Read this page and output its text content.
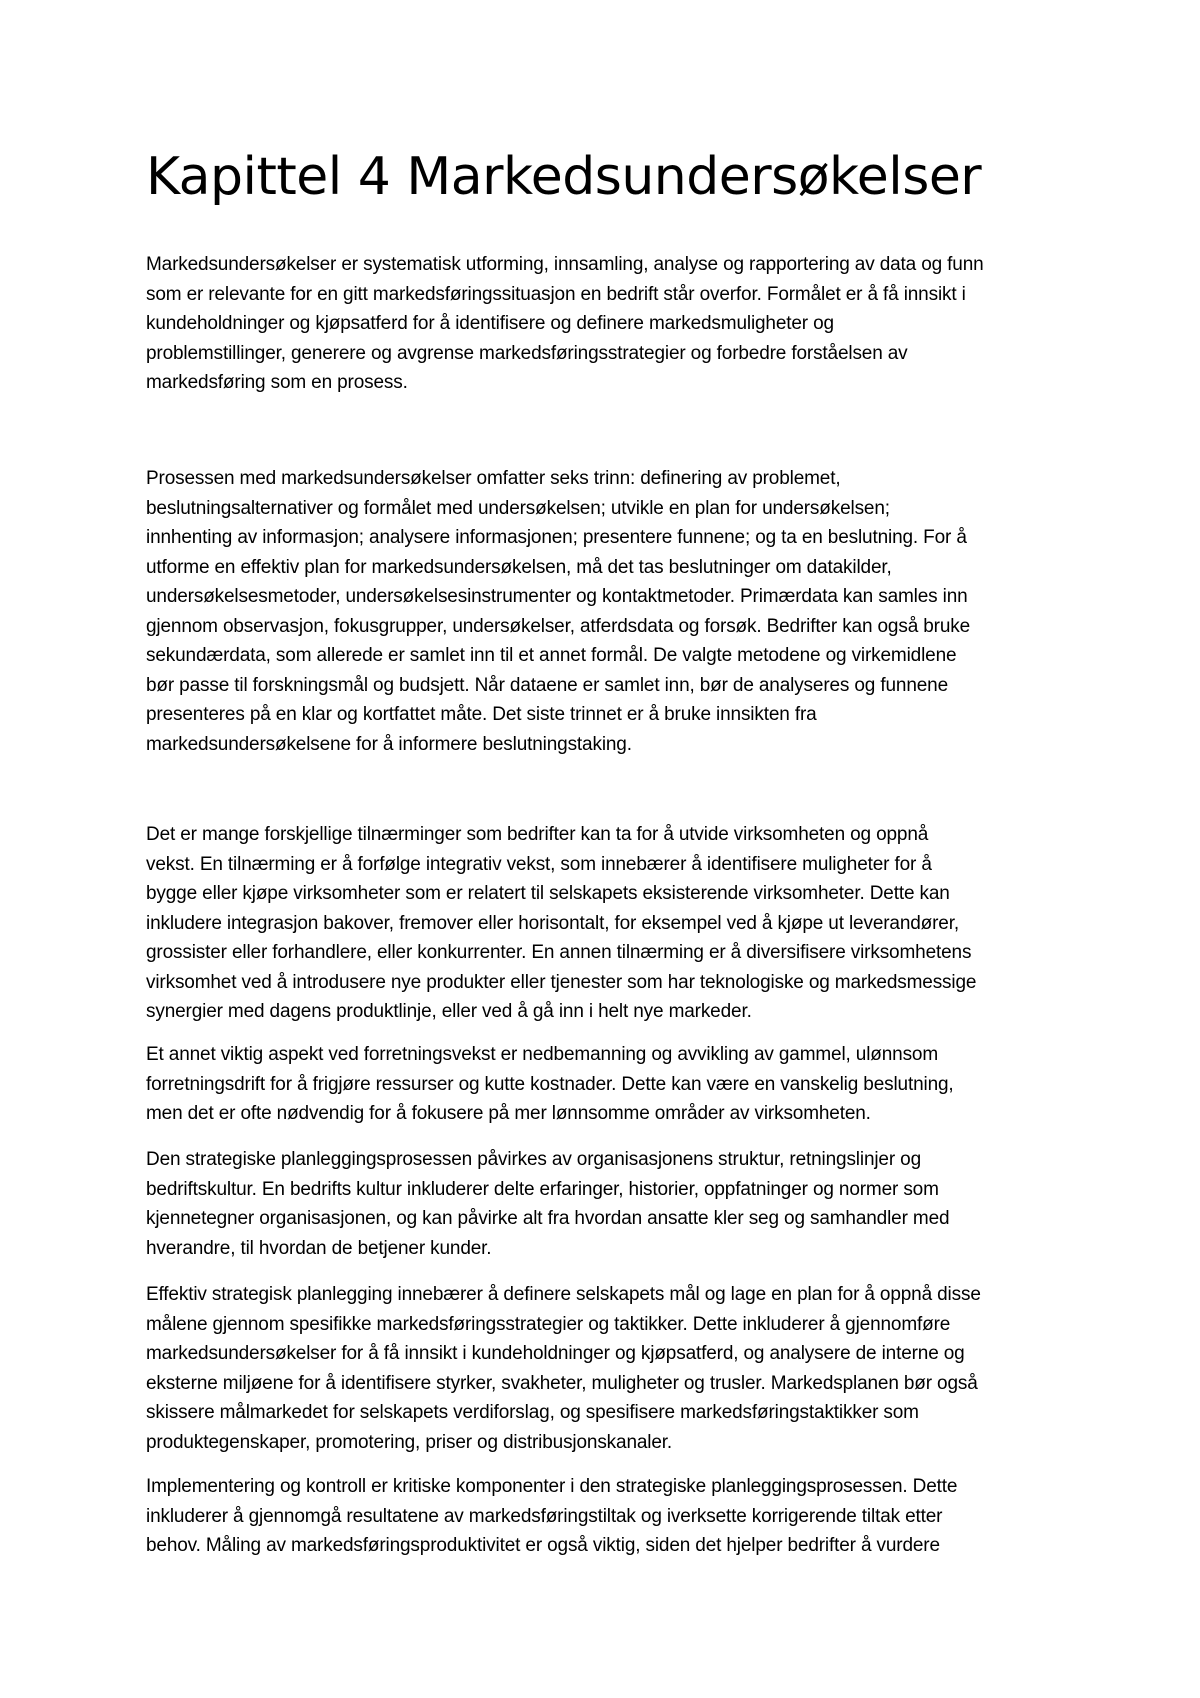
Kapittel 4 Markedsundersøkelser

Markedsundersøkelser er systematisk utforming, innsamling, analyse og rapportering av data og funn
som er relevante for en gitt markedsføringssituasjon en bedrift står overfor. Formålet er å få innsikt i
kundeholdninger og kjøpsatferd for å identifisere og definere markedsmuligheter og
problemstillinger, generere og avgrense markedsføringsstrategier og forbedre forståelsen av
markedsføring som en prosess.

Prosessen med markedsundersøkelser omfatter seks trinn: definering av problemet,
beslutningsalternativer og formålet med undersøkelsen; utvikle en plan for undersøkelsen;
innhenting av informasjon; analysere informasjonen; presentere funnene; og ta en beslutning. For å
utforme en effektiv plan for markedsundersøkelsen, må det tas beslutninger om datakilder,
undersøkelsesmetoder, undersøkelsesinstrumenter og kontaktmetoder. Primærdata kan samles inn
gjennom observasjon, fokusgrupper, undersøkelser, atferdsdata og forsøk. Bedrifter kan også bruke
sekundærdata, som allerede er samlet inn til et annet formål. De valgte metodene og virkemidlene
bør passe til forskningsmål og budsjett. Når dataene er samlet inn, bør de analyseres og funnene
presenteres på en klar og kortfattet måte. Det siste trinnet er å bruke innsikten fra
markedsundersøkelsene for å informere beslutningstaking.

Det er mange forskjellige tilnærminger som bedrifter kan ta for å utvide virksomheten og oppnå
vekst. En tilnærming er å forfølge integrativ vekst, som innebærer å identifisere muligheter for å
bygge eller kjøpe virksomheter som er relatert til selskapets eksisterende virksomheter. Dette kan
inkludere integrasjon bakover, fremover eller horisontalt, for eksempel ved å kjøpe ut leverandører,
grossister eller forhandlere, eller konkurrenter. En annen tilnærming er å diversifisere virksomhetens
virksomhet ved å introdusere nye produkter eller tjenester som har teknologiske og markedsmessige
synergier med dagens produktlinje, eller ved å gå inn i helt nye markeder.

Et annet viktig aspekt ved forretningsvekst er nedbemanning og avvikling av gammel, ulønnsom
forretningsdrift for å frigjøre ressurser og kutte kostnader. Dette kan være en vanskelig beslutning,
men det er ofte nødvendig for å fokusere på mer lønnsomme områder av virksomheten.

Den strategiske planleggingsprosessen påvirkes av organisasjonens struktur, retningslinjer og
bedriftskultur. En bedrifts kultur inkluderer delte erfaringer, historier, oppfatninger og normer som
kjennetegner organisasjonen, og kan påvirke alt fra hvordan ansatte kler seg og samhandler med
hverandre, til hvordan de betjener kunder.

Effektiv strategisk planlegging innebærer å definere selskapets mål og lage en plan for å oppnå disse
målene gjennom spesifikke markedsføringsstrategier og taktikker. Dette inkluderer å gjennomføre
markedsundersøkelser for å få innsikt i kundeholdninger og kjøpsatferd, og analysere de interne og
eksterne miljøene for å identifisere styrker, svakheter, muligheter og trusler. Markedsplanen bør også
skissere målmarkedet for selskapets verdiforslag, og spesifisere markedsføringstaktikker som
produktegenskaper, promotering, priser og distribusjonskanaler.

Implementering og kontroll er kritiske komponenter i den strategiske planleggingsprosessen. Dette
inkluderer å gjennomgå resultatene av markedsføringstiltak og iverksette korrigerende tiltak etter
behov. Måling av markedsføringsproduktivitet er også viktig, siden det hjelper bedrifter å vurdere
